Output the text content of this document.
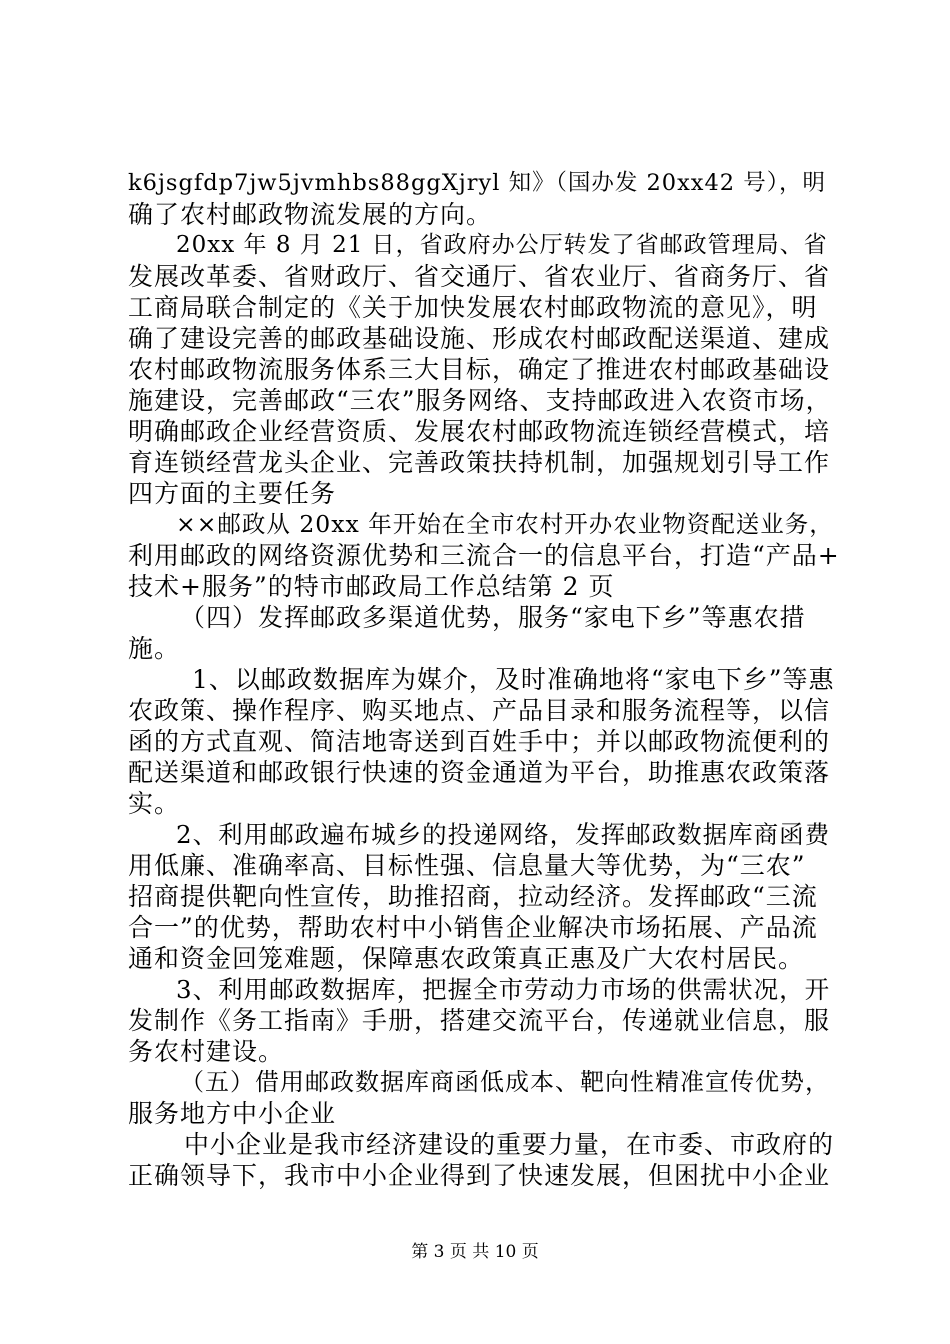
k6jsgfdp7jw5jvmhbs88ggXjryl 知》（国办发 20xx42 号），明
确了农村邮政物流发展的方向。
20xx 年 8 月 21 日，省政府办公厅转发了省邮政管理局、省
发展改革委、省财政厅、省交通厅、省农业厅、省商务厅、省
工商局联合制定的《关于加快发展农村邮政物流的意见》，明
确了建设完善的邮政基础设施、形成农村邮政配送渠道、建成
农村邮政物流服务体系三大目标，确定了推进农村邮政基础设
施建设，完善邮政“三农”服务网络、支持邮政进入农资市场，
明确邮政企业经营资质、发展农村邮政物流连锁经营模式，培
育连锁经营龙头企业、完善政策扶持机制，加强规划引导工作
四方面的主要任务
××邮政从 20xx 年开始在全市农村开办农业物资配送业务，
利用邮政的网络资源优势和三流合一的信息平台，打造“产品+
技术+服务”的特市邮政局工作总结第 2 页
（四）发挥邮政多渠道优势，服务“家电下乡”等惠农措
施。
1、以邮政数据库为媒介，及时准确地将“家电下乡”等惠
农政策、操作程序、购买地点、产品目录和服务流程等，以信
函的方式直观、简洁地寄送到百姓手中；并以邮政物流便利的
配送渠道和邮政银行快速的资金通道为平台，助推惠农政策落
实。
2、利用邮政遍布城乡的投递网络，发挥邮政数据库商函费
用低廉、准确率高、目标性强、信息量大等优势，为“三农”
招商提供靶向性宣传，助推招商，拉动经济。发挥邮政“三流
合一”的优势，帮助农村中小销售企业解决市场拓展、产品流
通和资金回笼难题，保障惠农政策真正惠及广大农村居民。
3、利用邮政数据库，把握全市劳动力市场的供需状况，开
发制作《务工指南》手册，搭建交流平台，传递就业信息，服
务农村建设。
（五）借用邮政数据库商函低成本、靶向性精准宣传优势，
服务地方中小企业
中小企业是我市经济建设的重要力量，在市委、市政府的
正确领导下，我市中小企业得到了快速发展，但困扰中小企业
第 3 页 共 10 页
